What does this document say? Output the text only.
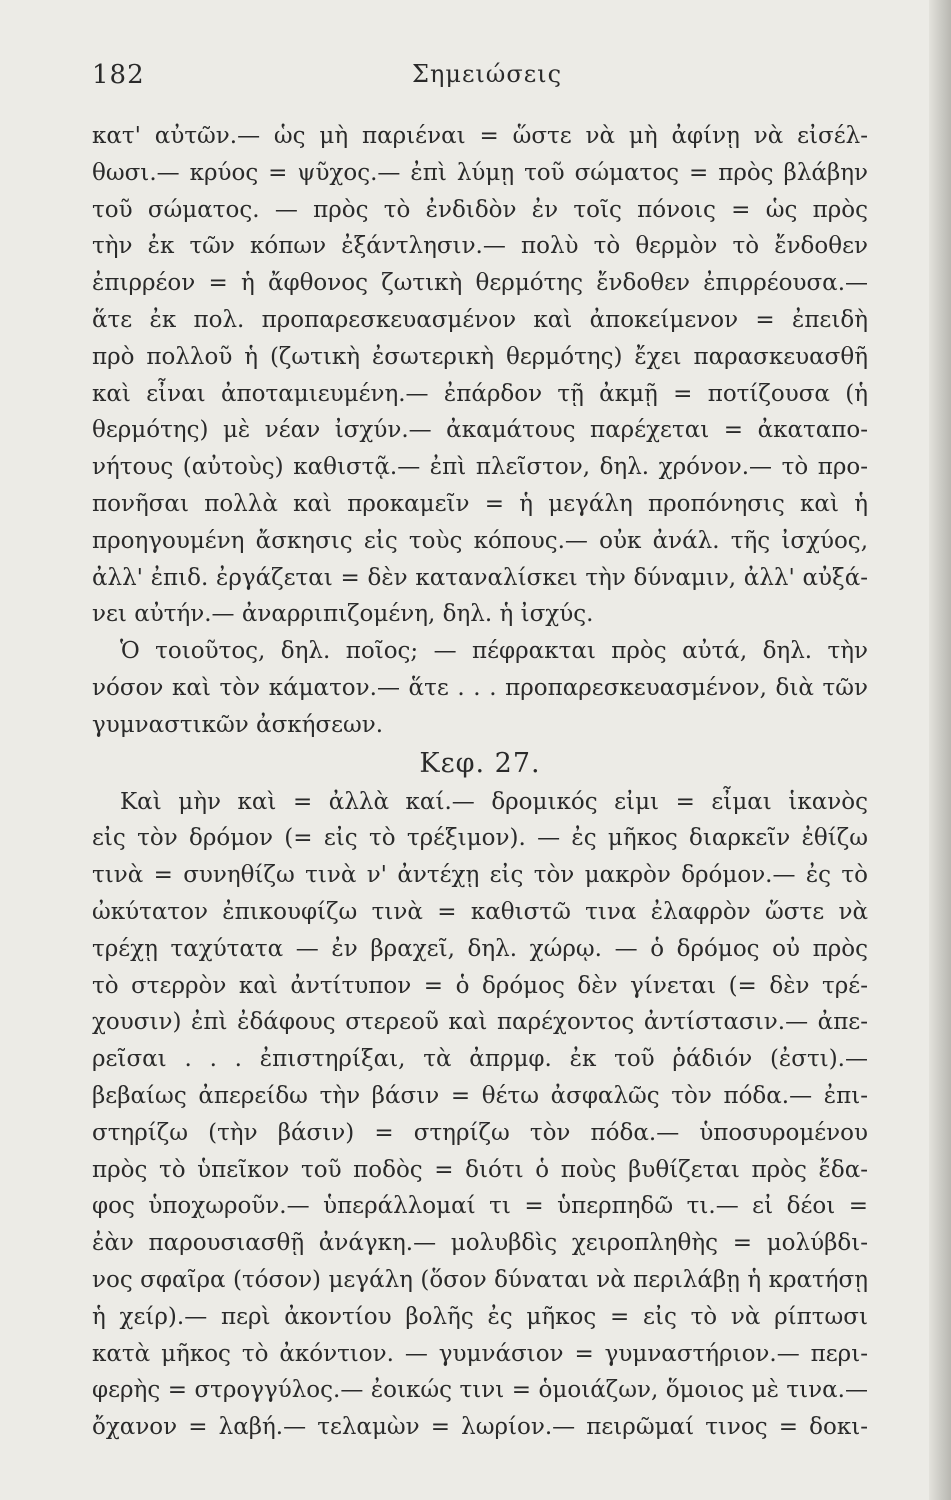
182	Σημειώσεις
κατ' αὐτῶν.— ὡς μὴ παριέναι = ὥστε νὰ μὴ ἀφίνῃ νὰ εἰσέλ-
θωσι.— κρύος = ψῦχος.— ἐπὶ λύμῃ τοῦ σώματος = πρὸς βλάβην
τοῦ σώματος. — πρὸς τὸ ἐνδιδὸν ἐν τοῖς πόνοις = ὡς πρὸς
τὴν ἐκ τῶν κόπων ἐξάντλησιν.— πολὺ τὸ θερμὸν τὸ ἔνδοθεν
ἐπιρρέον = ἡ ἄφθονος ζωτικὴ θερμότης ἔνδοθεν ἐπιρρέουσα.—
ἅτε ἐκ πολ. προπαρεσκευασμένον καὶ ἀποκείμενον = ἐπειδὴ
πρὸ πολλοῦ ἡ (ζωτικὴ ἐσωτερικὴ θερμότης) ἔχει παρασκευασθῆ
καὶ εἶναι ἀποταμιευμένη.— ἐπάρδον τῇ ἀκμῇ = ποτίζουσα (ἡ
θερμότης) μὲ νέαν ἰσχύν.— ἀκαμάτους παρέχεται = ἀκαταπο-
νήτους (αὐτοὺς) καθιστᾷ.— ἐπὶ πλεῖστον, δηλ. χρόνον.— τὸ προ-
πονῆσαι πολλὰ καὶ προκαμεῖν = ἡ μεγάλη προπόνησις καὶ ἡ
προηγουμένη ἄσκησις εἰς τοὺς κόπους.— οὐκ ἀνάλ. τῆς ἰσχύος,
ἀλλ' ἐπιδ. ἐργάζεται = δὲν καταναλίσκει τὴν δύναμιν, ἀλλ' αὐξά-
νει αὐτήν.— ἀναρριπιζομένη, δηλ. ἡ ἰσχύς.
Ὁ τοιοῦτος, δηλ. ποῖος; — πέφρακται πρὸς αὐτά, δηλ. τὴν
νόσον καὶ τὸν κάματον.— ἅτε . . . προπαρεσκευασμένον, διὰ τῶν
γυμναστικῶν ἀσκήσεων.
Κεφ. 27.
Καὶ μὴν καὶ = ἀλλὰ καί.— δρομικός εἰμι = εἶμαι ἱκανὸς
εἰς τὸν δρόμον (= εἰς τὸ τρέξιμον). — ἐς μῆκος διαρκεῖν ἐθίζω
τινὰ = συνηθίζω τινὰ ν' ἀντέχῃ εἰς τὸν μακρὸν δρόμον.— ἐς τὸ
ὠκύτατον ἐπικουφίζω τινὰ = καθιστῶ τινα ἐλαφρὸν ὥστε νὰ
τρέχῃ ταχύτατα — ἐν βραχεῖ, δηλ. χώρῳ. — ὁ δρόμος οὐ πρὸς
τὸ στερρὸν καὶ ἀντίτυπον = ὁ δρόμος δὲν γίνεται (= δὲν τρέ-
χουσιν) ἐπὶ ἐδάφους στερεοῦ καὶ παρέχοντος ἀντίστασιν.— ἀπε-
ρεῖσαι . . . ἐπιστηρίξαι, τὰ ἀπρμφ. ἐκ τοῦ ῥάδιόν (ἐστι).—
βεβαίως ἀπερείδω τὴν βάσιν = θέτω ἀσφαλῶς τὸν πόδα.— ἐπι-
στηρίζω (τὴν βάσιν) = στηρίζω τὸν πόδα.— ὑποσυρομένου
πρὸς τὸ ὑπεῖκον τοῦ ποδὸς = διότι ὁ ποὺς βυθίζεται πρὸς ἔδα-
φος ὑποχωροῦν.— ὑπεράλλομαί τι = ὑπερπηδῶ τι.— εἰ δέοι =
ἐὰν παρουσιασθῇ ἀνάγκη.— μολυβδὶς χειροπληθὴς = μολύβδι-
νος σφαῖρα (τόσον) μεγάλη (ὅσον δύναται νὰ περιλάβῃ ἡ κρατήσῃ
ἡ χείρ).— περὶ ἀκοντίου βολῆς ἐς μῆκος = εἰς τὸ νὰ ρίπτωσι
κατὰ μῆκος τὸ ἀκόντιον. — γυμνάσιον = γυμναστήριον.— περι-
φερὴς = στρογγύλος.— ἐοικώς τινι = ὁμοιάζων, ὅμοιος μὲ τινα.—
ὄχανον = λαβή.— τελαμὼν = λωρίον.— πειρῶμαί τινος = δοκι-
